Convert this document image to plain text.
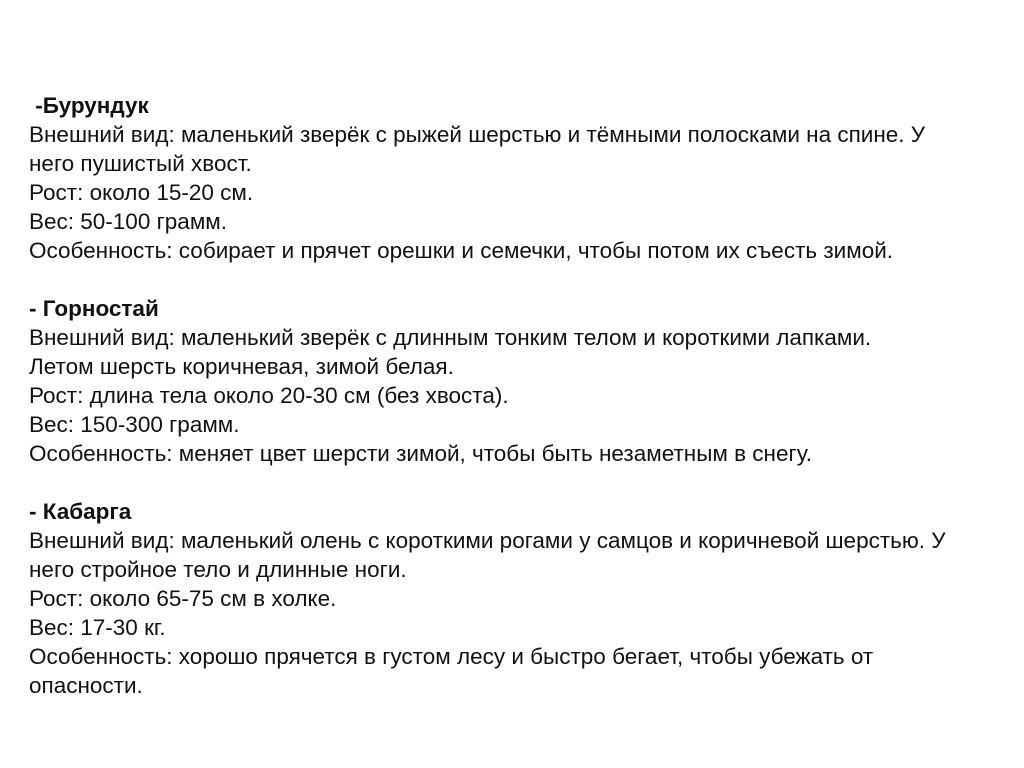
-Бурундук
Внешний вид: маленький зверёк с рыжей шерстью и тёмными полосками на спине. У него пушистый хвост.
Рост: около 15-20 см.
Вес: 50-100 грамм.
Особенность: собирает и прячет орешки и семечки, чтобы потом их съесть зимой.
- Горностай
Внешний вид: маленький зверёк с длинным тонким телом и короткими лапками.
Летом шерсть коричневая, зимой белая.
Рост: длина тела около 20-30 см (без хвоста).
Вес: 150-300 грамм.
Особенность: меняет цвет шерсти зимой, чтобы быть незаметным в снегу.
- Кабарга
Внешний вид: маленький олень с короткими рогами у самцов и коричневой шерстью. У него стройное тело и длинные ноги.
Рост: около 65-75 см в холке.
Вес: 17-30 кг.
Особенность: хорошо прячется в густом лесу и быстро бегает, чтобы убежать от опасности.
